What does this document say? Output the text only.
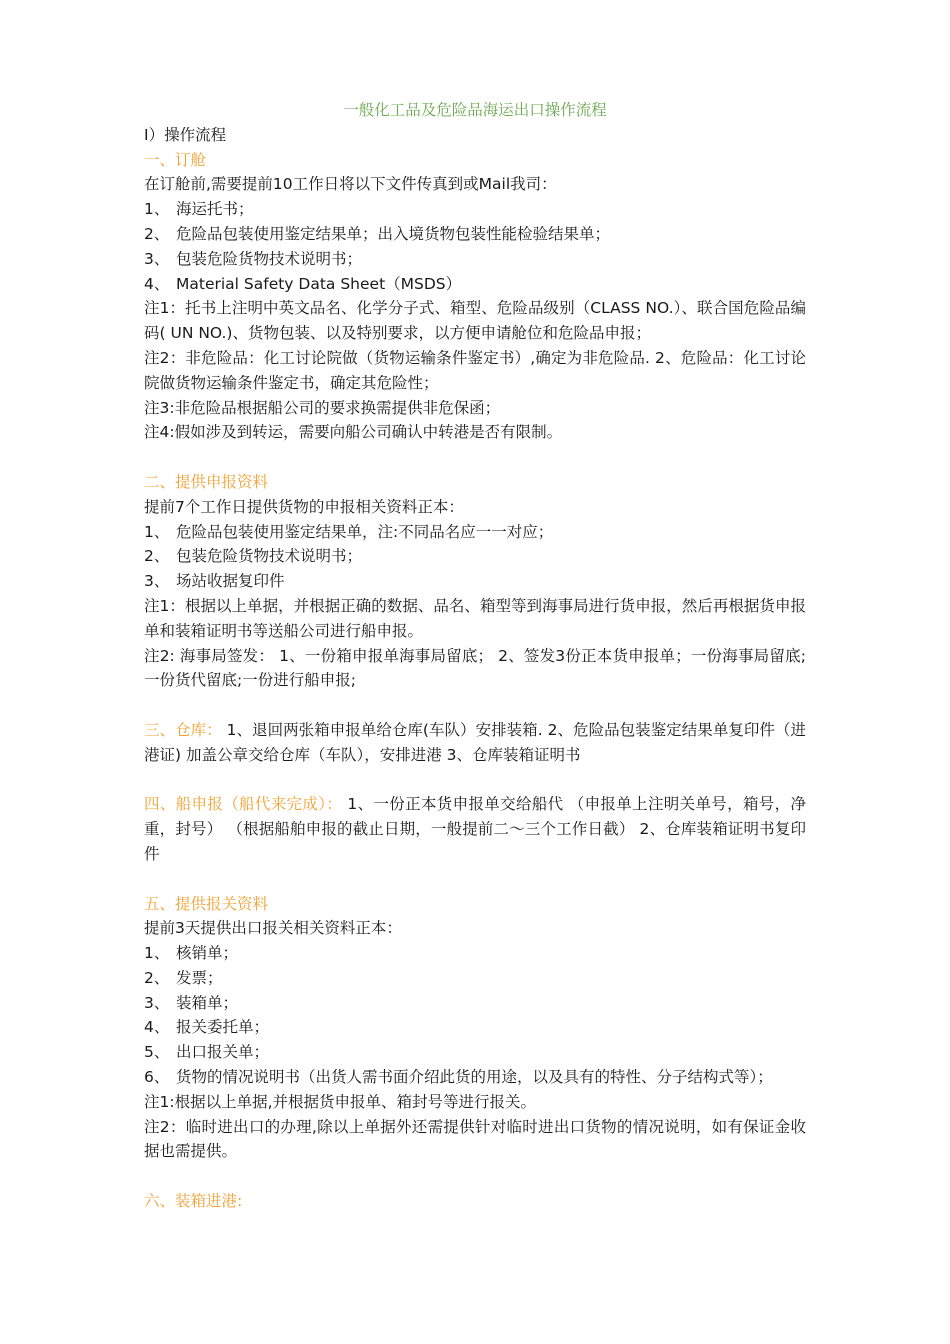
一般化工品及危险品海运出口操作流程

Ⅰ）操作流程

一、订舱

在订舱前,需要提前10工作日将以下文件传真到或Mail我司：

1、 海运托书；

2、 危险品包装使用鉴定结果单；出入境货物包装性能检验结果单；

3、 包装危险货物技术说明书；

4、 Material Safety Data Sheet（MSDS）

注1：托书上注明中英文品名、化学分子式、箱型、危险品级别（CLASS NO.）、联合国危险品编码( UN NO.)、货物包装、以及特别要求，以方便申请舱位和危险品申报；

注2：非危险品：化工讨论院做（货物运输条件鉴定书）,确定为非危险品. 2、危险品：化工讨论院做货物运输条件鉴定书，确定其危险性；

注3:非危险品根据船公司的要求换需提供非危保函；

注4:假如涉及到转运，需要向船公司确认中转港是否有限制。

二、提供申报资料

提前7个工作日提供货物的申报相关资料正本：

1、 危险品包装使用鉴定结果单，注:不同品名应一一对应；

2、 包装危险货物技术说明书；

3、 场站收据复印件

注1：根据以上单据，并根据正确的数据、品名、箱型等到海事局进行货申报，然后再根据货申报单和装箱证明书等送船公司进行船申报。

注2: 海事局签发： 1、一份箱申报单海事局留底； 2、签发3份正本货申报单；一份海事局留底; 一份货代留底;一份进行船申报;

三、仓库： 1、退回两张箱申报单给仓库(车队）安排装箱. 2、危险品包装鉴定结果单复印件（进港证) 加盖公章交给仓库（车队），安排进港 3、仓库装箱证明书

四、船申报（船代来完成）： 1、一份正本货申报单交给船代 （申报单上注明关单号，箱号，净重，封号） （根据船舶申报的截止日期，一般提前二～三个工作日截） 2、仓库装箱证明书复印件

五、提供报关资料

提前3天提供出口报关相关资料正本：

1、 核销单；

2、 发票；

3、 装箱单；

4、 报关委托单；

5、 出口报关单；

6、 货物的情况说明书（出货人需书面介绍此货的用途，以及具有的特性、分子结构式等）；

注1:根据以上单据,并根据货申报单、箱封号等进行报关。

注2：临时进出口的办理,除以上单据外还需提供针对临时进出口货物的情况说明，如有保证金收据也需提供。

六、装箱进港:
